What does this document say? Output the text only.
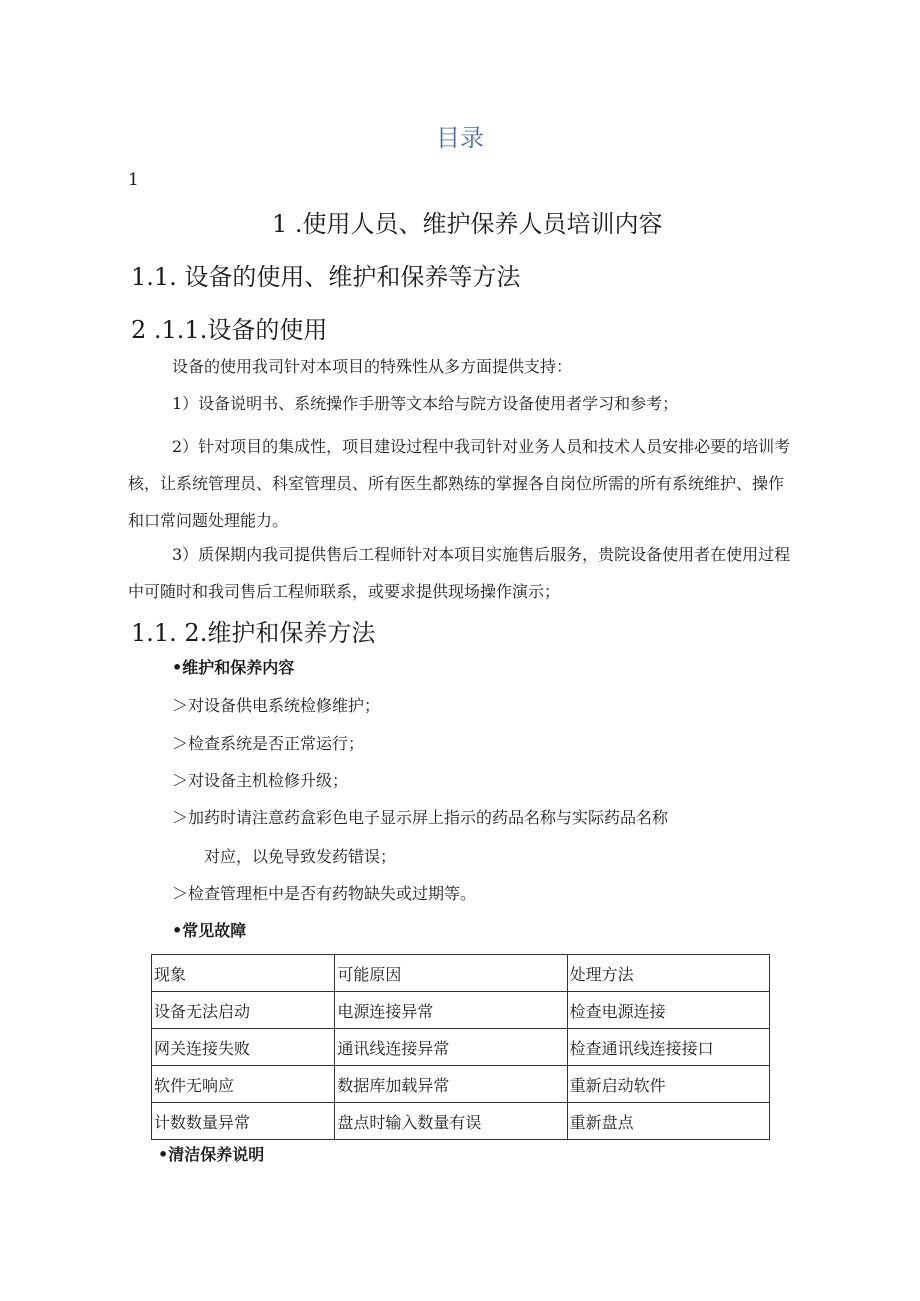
目录
1
1 .使用人员、维护保养人员培训内容
1.1. 设备的使用、维护和保养等方法
2 .1.1.设备的使用
设备的使用我司针对本项目的特殊性从多方面提供支持：
1）设备说明书、系统操作手册等文本给与院方设备使用者学习和参考；
2）针对项目的集成性，项目建设过程中我司针对业务人员和技术人员安排必要的培训考核，让系统管理员、科室管理员、所有医生都熟练的掌握各自岗位所需的所有系统维护、操作和口常问题处理能力。
3）质保期内我司提供售后工程师针对本项目实施售后服务，贵院设备使用者在使用过程中可随时和我司售后工程师联系，或要求提供现场操作演示；
1.1. 2.维护和保养方法
•维护和保养内容
＞对设备供电系统检修维护；
＞检查系统是否正常运行；
＞对设备主机检修升级；
＞加药时请注意药盒彩色电子显示屏上指示的药品名称与实际药品名称
对应，以免导致发药错误；
＞检查管理柜中是否有药物缺失或过期等。
•常见故障
现象	可能原因	处理方法
设备无法启动	电源连接异常	检查电源连接
网关连接失败	通讯线连接异常	检查通讯线连接接口
软件无响应	数据库加载异常	重新启动软件
计数数量异常	盘点时输入数量有误	重新盘点
•清洁保养说明
